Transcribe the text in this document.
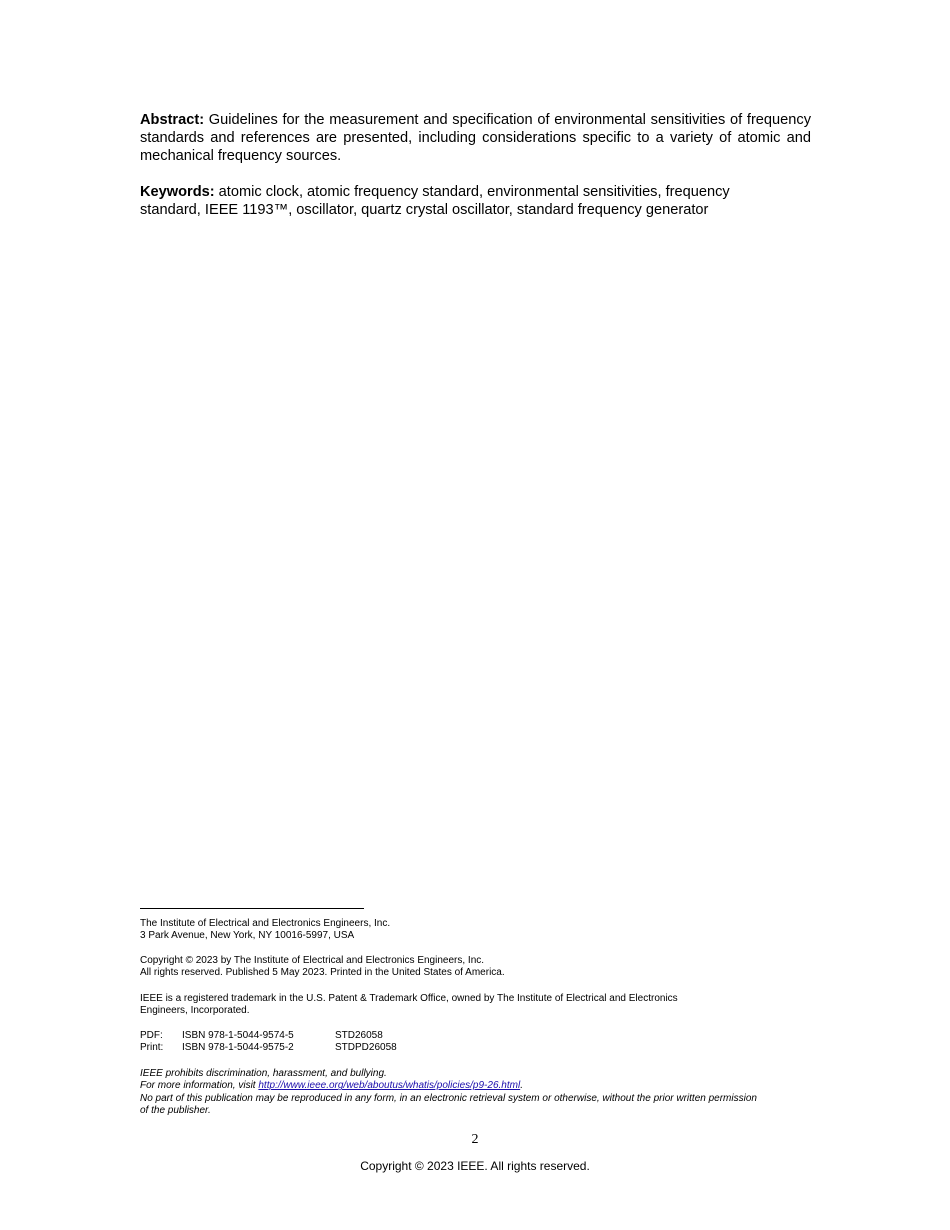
Abstract: Guidelines for the measurement and specification of environmental sensitivities of frequency standards and references are presented, including considerations specific to a variety of atomic and mechanical frequency sources.

Keywords: atomic clock, atomic frequency standard, environmental sensitivities, frequency
standard, IEEE 1193™, oscillator, quartz crystal oscillator, standard frequency generator

The Institute of Electrical and Electronics Engineers, Inc.
3 Park Avenue, New York, NY 10016-5997, USA
Copyright © 2023 by The Institute of Electrical and Electronics Engineers, Inc.
All rights reserved. Published 5 May 2023. Printed in the United States of America.
IEEE is a registered trademark in the U.S. Patent & Trademark Office, owned by The Institute of Electrical and Electronics
Engineers, Incorporated.
PDF:	ISBN 978-1-5044-9574-5	STD26058
Print:	ISBN 978-1-5044-9575-2	STDPD26058
IEEE prohibits discrimination, harassment, and bullying.
For more information, visit http://www.ieee.org/web/aboutus/whatis/policies/p9-26.html.
No part of this publication may be reproduced in any form, in an electronic retrieval system or otherwise, without the prior written permission
of the publisher.
2
Copyright © 2023 IEEE. All rights reserved.
